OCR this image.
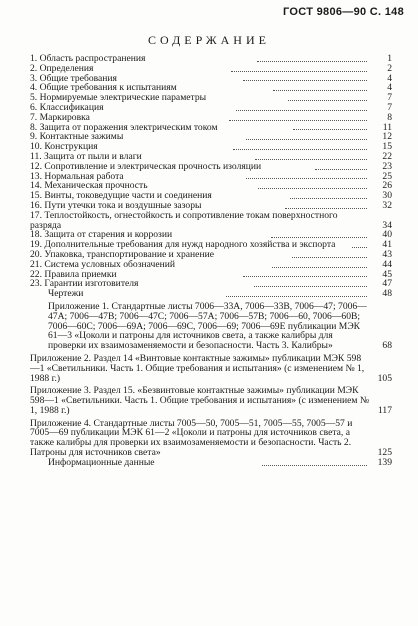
ГОСТ 9806—90 С. 148
СОДЕРЖАНИЕ
1. Область распространения	1
2. Определения	2
3. Общие требования	4
4. Общие требования к испытаниям	4
5. Нормируемые электрические параметры	7
6. Классификация	7
7. Маркировка	8
8. Защита от поражения электрическим током	11
9. Контактные зажимы	12
10. Конструкция	15
11. Защита от пыли и влаги	22
12. Сопротивление и электрическая прочность изоляции	23
13. Нормальная работа	25
14. Механическая прочность	26
15. Винты, токоведущие части и соединения	30
16. Пути утечки тока и воздушные зазоры	32
17. Теплостойкость, огнестойкость и сопротивление токам поверхностного разряда	34
18. Защита от старения и коррозии	40
19. Дополнительные требования для нужд народного хозяйства и экспорта	41
20. Упаковка, транспортирование и хранение	43
21. Система условных обозначений	44
22. Правила приемки	45
23. Гарантии изготовителя	47
Чертежи	48
Приложение 1. Стандартные листы 7006—33А, 7006—33В, 7006—47; 7006—47А; 7006—47В; 7006—47С; 7006—57А; 7006—57В; 7006—60, 7006—60В; 7006—60С; 7006—69А; 7006—69С, 7006—69; 7006—69Е публикации МЭК 61—3 «Цоколи и патроны для источников света, а также калибры для проверки их взаимозаменяемости и безопасности. Часть 3. Калибры»	68
Приложение 2. Раздел 14 «Винтовые контактные зажимы» публикации МЭК 598—1 «Светильники. Часть 1. Общие требования и испытания» (с изменением № 1, 1988 г.)	105
Приложение 3. Раздел 15. «Безвинтовые контактные зажимы» публикации МЭК 598—1 «Светильники. Часть 1. Общие требования и испытания» (с изменением № 1, 1988 г.)	117
Приложение 4. Стандартные листы 7005—50, 7005—51, 7005—55, 7005—57 и 7005—69 публикации МЭК 61—2 «Цоколи и патроны для источников света, а также калибры для проверки их взаимозаменяемости и безопасности. Часть 2. Патроны для источников света»	125
Информационные данные	139
